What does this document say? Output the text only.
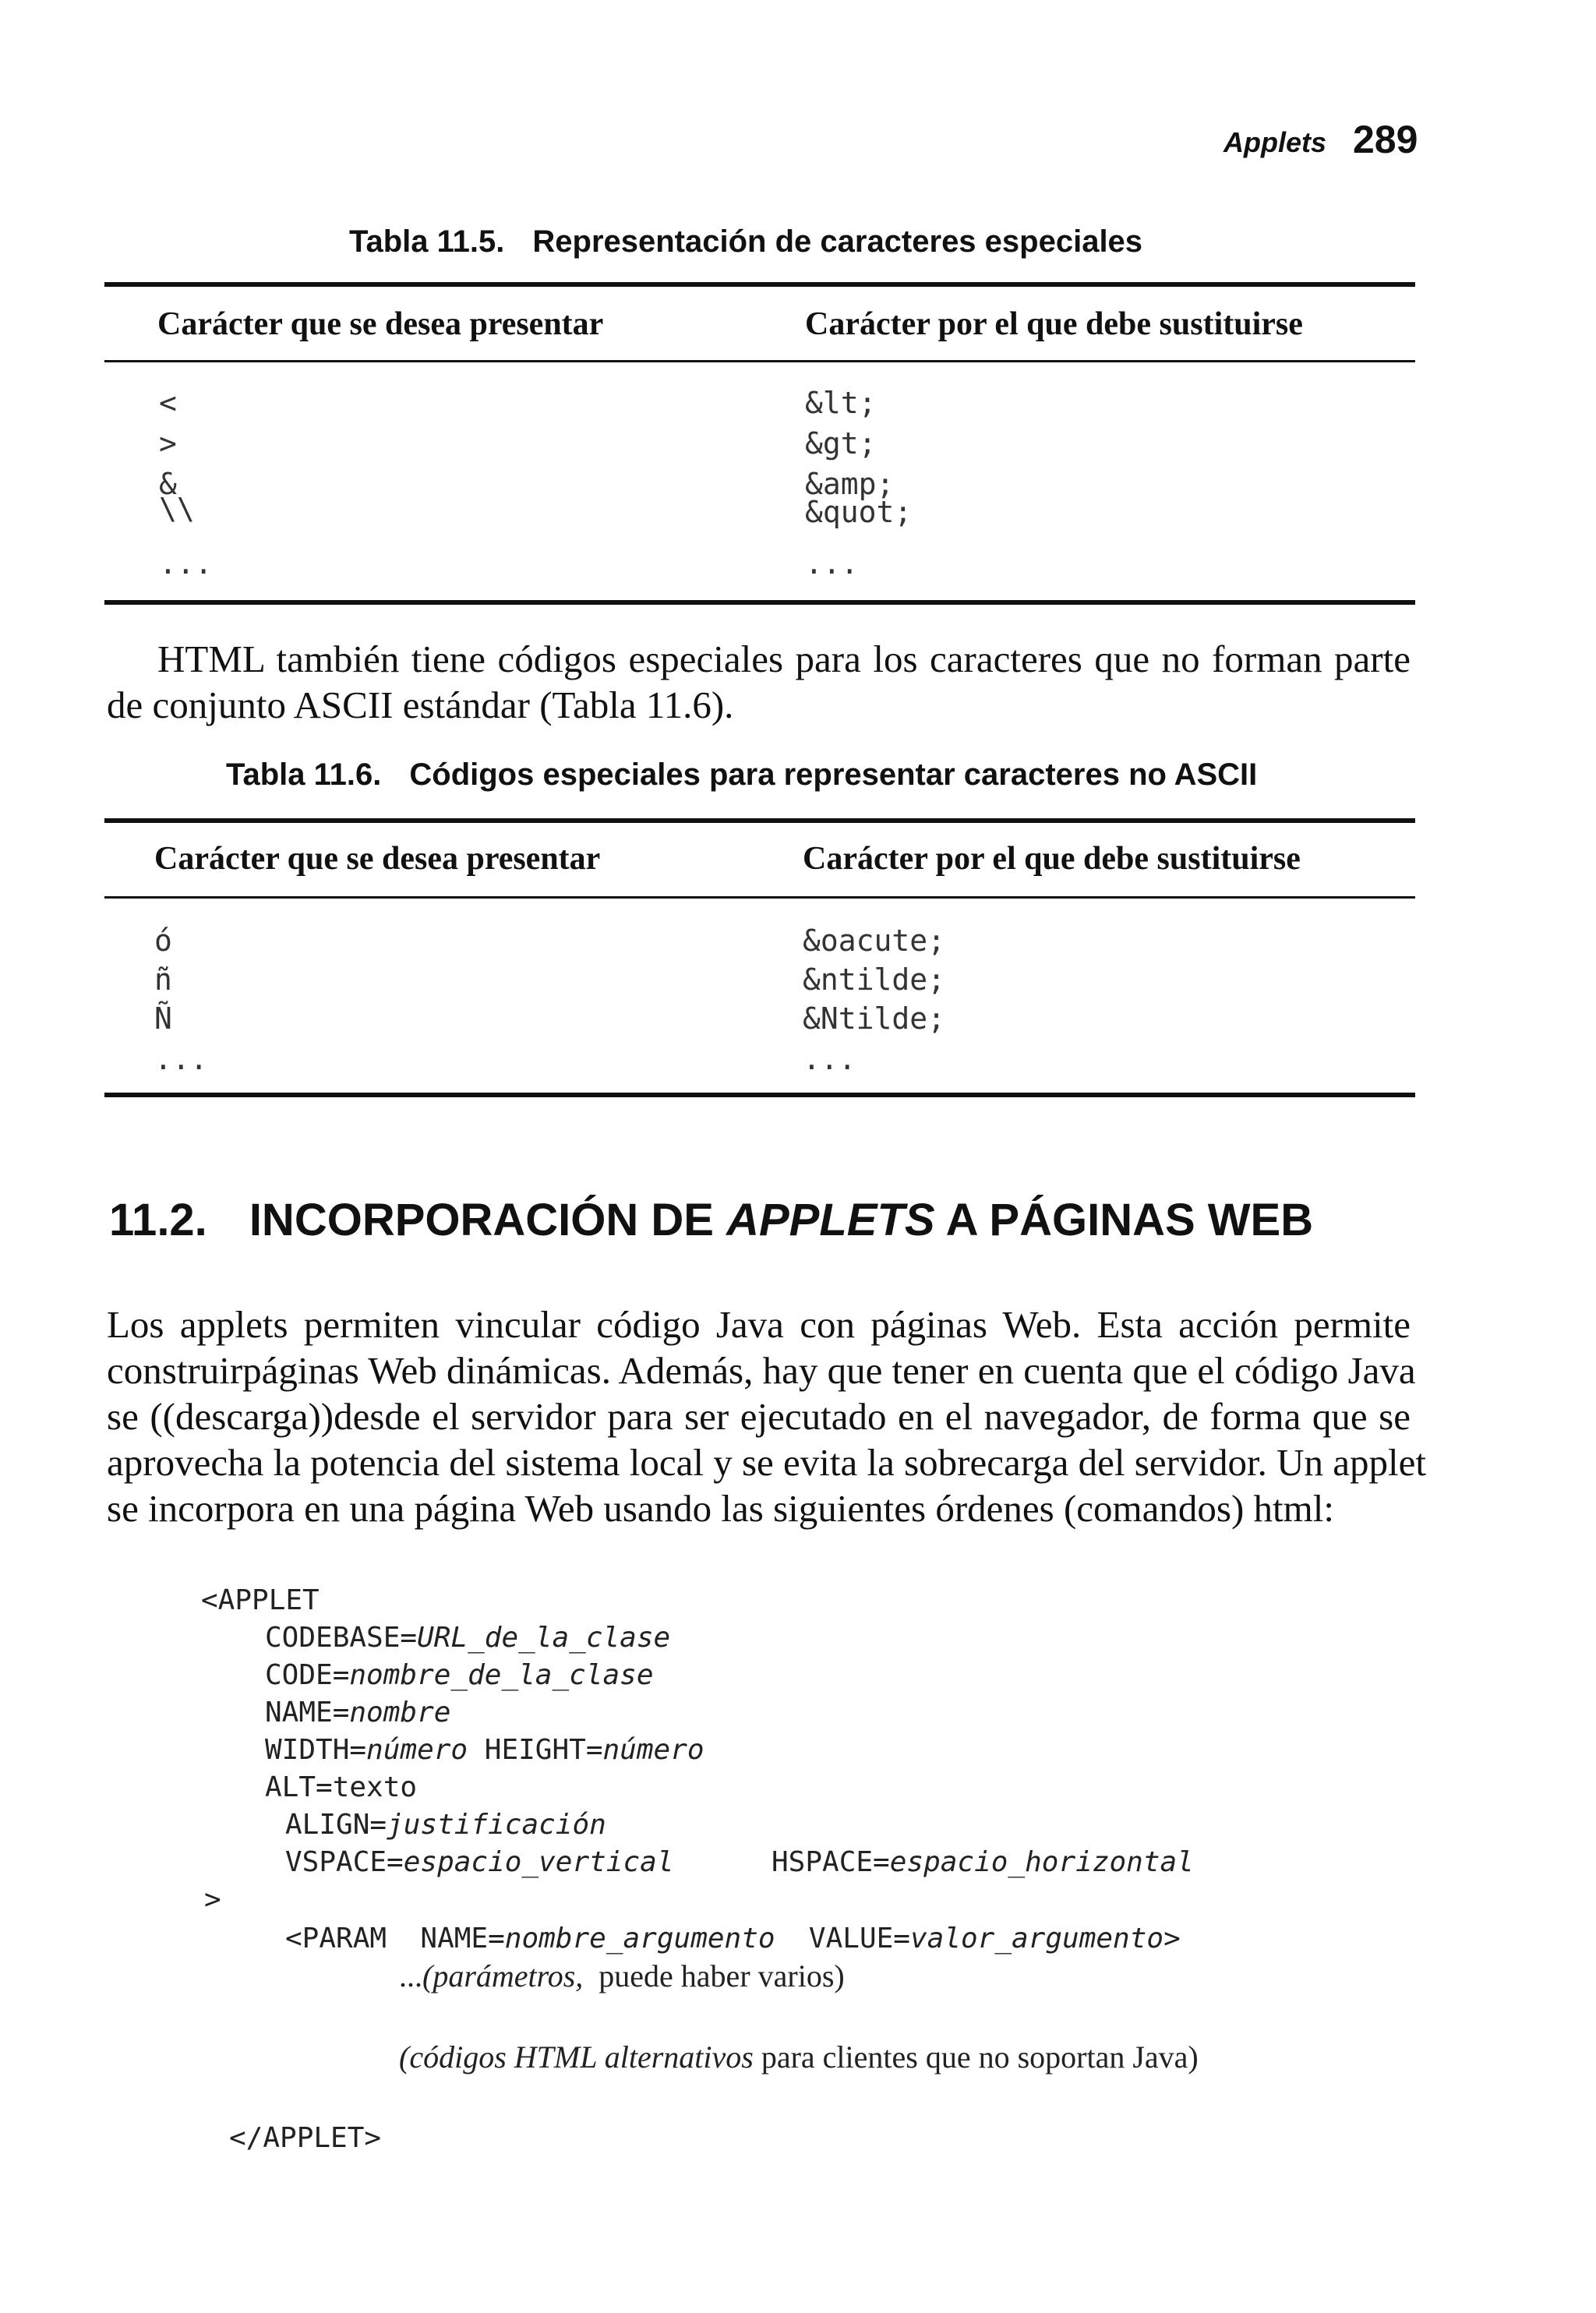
Applets 289
Tabla 11.5. Representación de caracteres especiales
Carácter que se desea presentar	Carácter por el que debe sustituirse
<	&lt;
>	&gt;
&	&amp;
\\	&quot;
...	...
HTML también tiene códigos especiales para los caracteres que no forman parte
de conjunto ASCII estándar (Tabla 11.6).
Tabla 11.6. Códigos especiales para representar caracteres no ASCII
Carácter que se desea presentar	Carácter por el que debe sustituirse
ó	&oacute;
ñ	&ntilde;
Ñ	&Ntilde;
...	...
11.2. INCORPORACIÓN DE APPLETS A PÁGINAS WEB
Los applets permiten vincular código Java con páginas Web. Esta acción permite
construirpáginas Web dinámicas. Además, hay que tener en cuenta que el código Java
se ((descarga))desde el servidor para ser ejecutado en el navegador, de forma que se
aprovecha la potencia del sistema local y se evita la sobrecarga del servidor. Un applet
se incorpora en una página Web usando las siguientes órdenes (comandos) html:
<APPLET
CODEBASE=URL_de_la_clase
CODE=nombre_de_la_clase
NAME=nombre
WIDTH=número HEIGHT=número
ALT=texto
ALIGN=justificación
VSPACE=espacio_vertical	HSPACE=espacio_horizontal
>
<PARAM NAME=nombre_argumento VALUE=valor_argumento>
...(parámetros, puede haber varios)
(códigos HTML alternativos para clientes que no soportan Java)
</APPLET>
